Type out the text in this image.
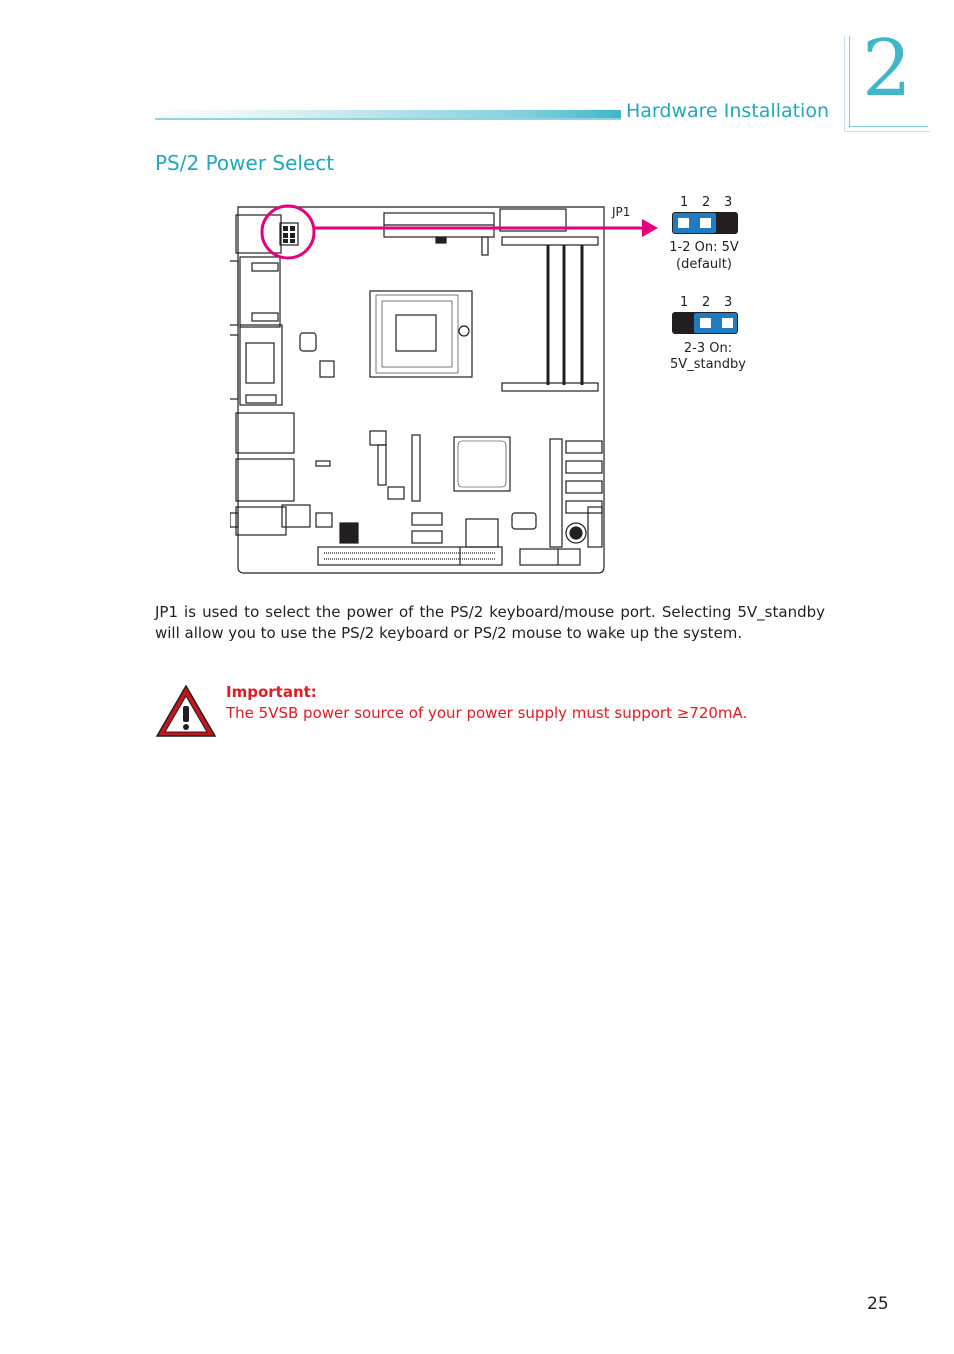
Hardware Installation 2
PS/2 Power Select
JP1
1 2 3
1-2 On: 5V
(default)
1 2 3
2-3 On:
5V_standby
JP1 is used to select the power of the PS/2 keyboard/mouse port. Selecting 5V_standby will allow you to use the PS/2 keyboard or PS/2 mouse to wake up the system.
Important:
The 5VSB power source of your power supply must support ≥720mA.
25
